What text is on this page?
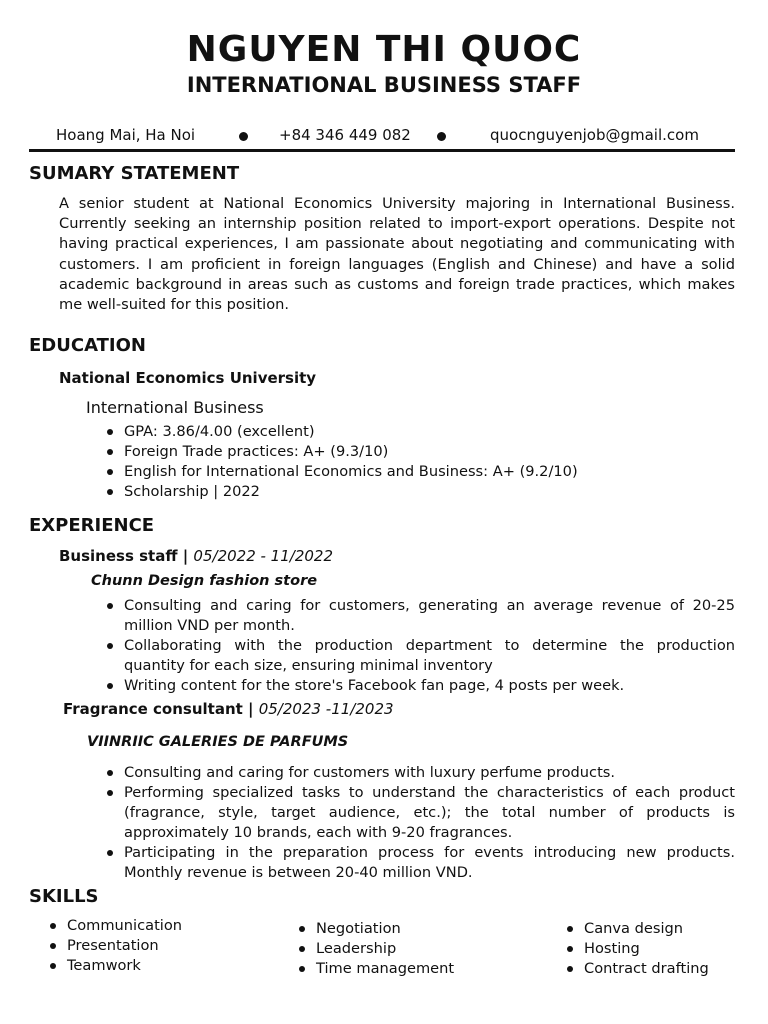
NGUYEN THI QUOC
INTERNATIONAL BUSINESS STAFF
Hoang Mai, Ha Noi	+84 346 449 082	quocnguyenjob@gmail.com
SUMARY STATEMENT
A senior student at National Economics University majoring in International Business. Currently seeking an internship position related to import-export operations. Despite not having practical experiences, I am passionate about negotiating and communicating with customers. I am proficient in foreign languages (English and Chinese) and have a solid academic background in areas such as customs and foreign trade practices, which makes me well-suited for this position.
EDUCATION
National Economics University
International Business
GPA: 3.86/4.00 (excellent)
Foreign Trade practices: A+ (9.3/10)
English for International Economics and Business: A+ (9.2/10)
Scholarship | 2022
EXPERIENCE
Business staff | 05/2022 - 11/2022
Chunn Design fashion store
Consulting and caring for customers, generating an average revenue of 20-25 million VND per month.
Collaborating with the production department to determine the production quantity for each size, ensuring minimal inventory
Writing content for the store's Facebook fan page, 4 posts per week.
Fragrance consultant | 05/2023 -11/2023
VIINRIIC GALERIES DE PARFUMS
Consulting and caring for customers with luxury perfume products.
Performing specialized tasks to understand the characteristics of each product (fragrance, style, target audience, etc.); the total number of products is approximately 10 brands, each with 9-20 fragrances.
Participating in the preparation process for events introducing new products. Monthly revenue is between 20-40 million VND.
SKILLS
Communication
Presentation
Teamwork
Negotiation
Leadership
Time management
Canva design
Hosting
Contract drafting
